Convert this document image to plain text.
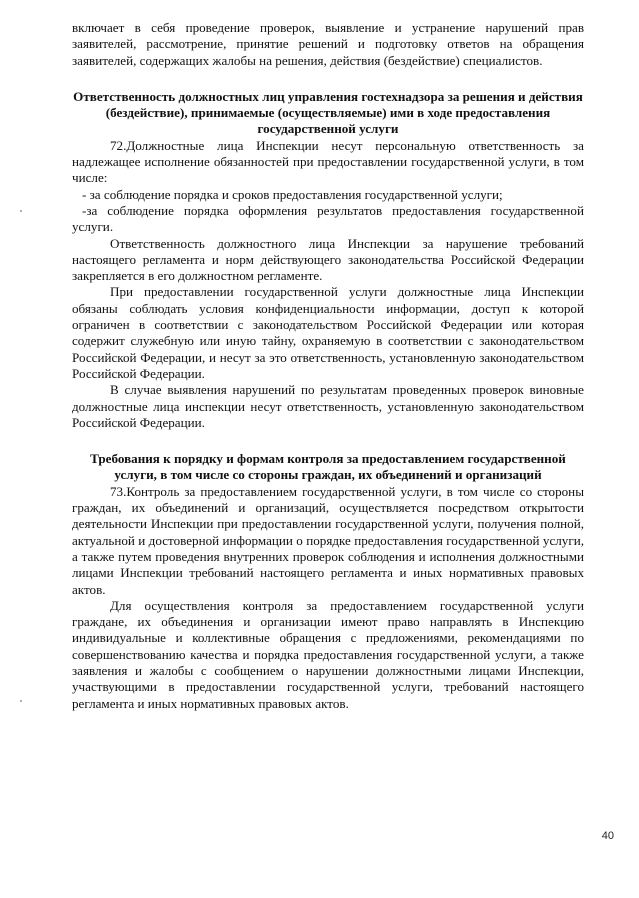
включает в себя проведение проверок, выявление и устранение нарушений прав заявителей, рассмотрение, принятие решений и подготовку ответов на обращения заявителей, содержащих жалобы на решения, действия (бездействие) специалистов.

Ответственность должностных лиц управления гостехнадзора за решения и действия (бездействие), принимаемые (осуществляемые) ими в ходе предоставления государственной услуги

72.Должностные лица Инспекции несут персональную ответственность за надлежащее исполнение обязанностей при предоставлении государственной услуги, в том числе:

- за соблюдение порядка и сроков предоставления государственной услуги;

-за соблюдение порядка оформления результатов предоставления государственной услуги.

Ответственность должностного лица Инспекции за нарушение требований настоящего регламента и норм действующего законодательства Российской Федерации закрепляется в его должностном регламенте.

При предоставлении государственной услуги должностные лица Инспекции обязаны соблюдать условия конфиденциальности информации, доступ к которой ограничен в соответствии с законодательством Российской Федерации или которая содержит служебную или иную тайну, охраняемую в соответствии с законодательством Российской Федерации, и несут за это ответственность, установленную законодательством Российской Федерации.

В случае выявления нарушений по результатам проведенных проверок виновные должностные лица инспекции несут ответственность, установленную законодательством Российской Федерации.

Требования к порядку и формам контроля за предоставлением государственной услуги, в том числе со стороны граждан, их объединений и организаций

73.Контроль за предоставлением государственной услуги, в том числе со стороны граждан, их объединений и организаций, осуществляется посредством открытости деятельности Инспекции при предоставлении государственной услуги, получения полной, актуальной и достоверной информации о порядке предоставления государственной услуги, а также путем проведения внутренних проверок соблюдения и исполнения должностными лицами Инспекции требований настоящего регламента и иных нормативных правовых актов.

Для осуществления контроля за предоставлением государственной услуги граждане, их объединения и организации имеют право направлять в Инспекцию индивидуальные и коллективные обращения с предложениями, рекомендациями по совершенствованию качества и порядка предоставления государственной услуги, а также заявления и жалобы с сообщением о нарушении должностными лицами Инспекции, участвующими в предоставлении государственной услуги, требований настоящего регламента и иных нормативных правовых актов.

40
